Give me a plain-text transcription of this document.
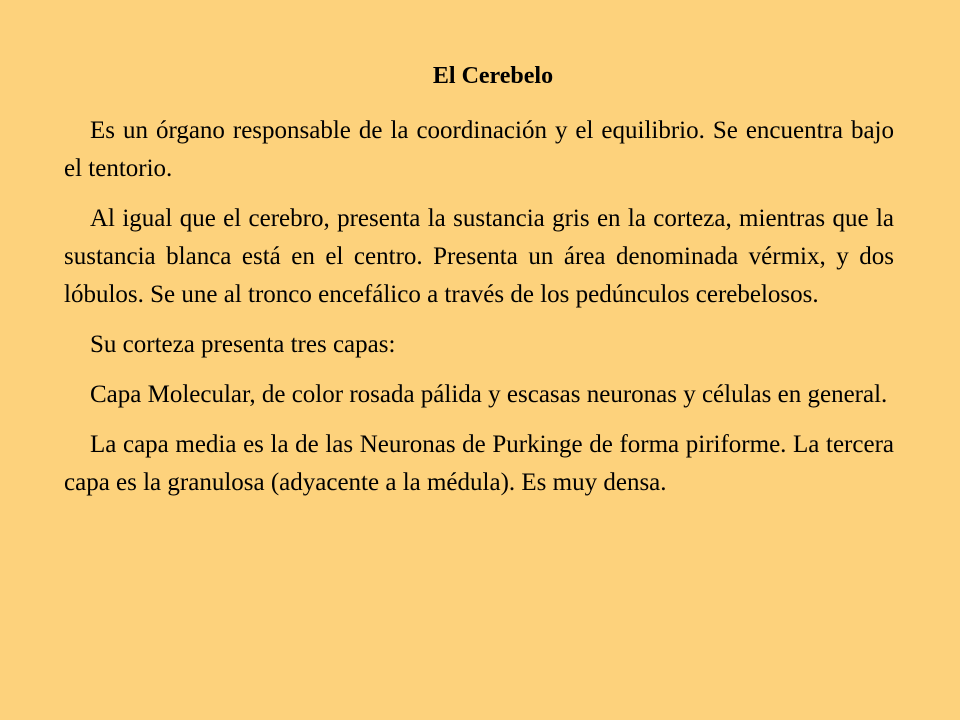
El Cerebelo

Es un órgano responsable de la coordinación y el equilibrio. Se encuentra bajo el tentorio.

Al igual que el cerebro, presenta la sustancia gris en la corteza, mientras que la sustancia blanca está en el centro. Presenta un área denominada vérmix, y dos lóbulos. Se une al tronco encefálico a través de los pedúnculos cerebelosos.

Su corteza presenta tres capas:

Capa Molecular, de color rosada pálida y escasas neuronas y células en general.

La capa media es la de las Neuronas de Purkinge de forma piriforme. La tercera capa es la granulosa (adyacente a la médula). Es muy densa.
